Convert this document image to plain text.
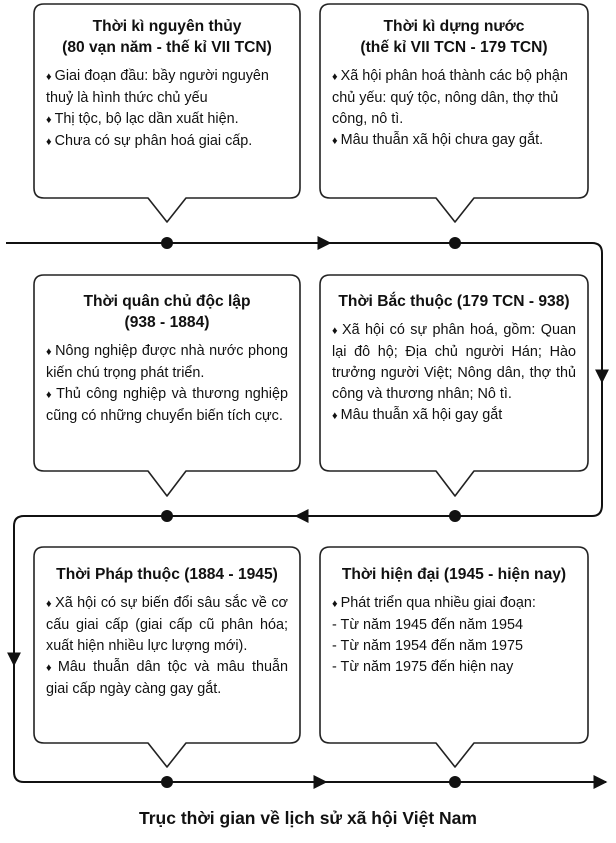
Thời kì nguyên thủy
(80 vạn năm - thế kỉ VII TCN)
♦ Giai đoạn đầu: bầy người nguyên thuỷ là hình thức chủ yếu
♦ Thị tộc, bộ lạc dần xuất hiện.
♦ Chưa có sự phân hoá giai cấp.
Thời kì dựng nước
(thế kỉ VII TCN - 179 TCN)
♦ Xã hội phân hoá thành các bộ phận chủ yếu: quý tộc, nông dân, thợ thủ công, nô tì.
♦ Mâu thuẫn xã hội chưa gay gắt.
Thời quân chủ độc lập
(938 - 1884)
♦ Nông nghiệp được nhà nước phong kiến chú trọng phát triển.
♦ Thủ công nghiệp và thương nghiệp cũng có những chuyển biến tích cực.
Thời Bắc thuộc (179 TCN - 938)
♦ Xã hội có sự phân hoá, gồm: Quan lại đô hộ; Địa chủ người Hán; Hào trưởng người Việt; Nông dân, thợ thủ công và thương nhân; Nô tì.
♦ Mâu thuẫn xã hội gay gắt
Thời Pháp thuộc (1884 - 1945)
♦ Xã hội có sự biến đổi sâu sắc về cơ cấu giai cấp (giai cấp cũ phân hóa; xuất hiện nhiều lực lượng mới).
♦ Mâu thuẫn dân tộc và mâu thuẫn giai cấp ngày càng gay gắt.
Thời hiện đại (1945 - hiện nay)
♦ Phát triển qua nhiều giai đoạn:
- Từ năm 1945 đến năm 1954
- Từ năm 1954 đến năm 1975
- Từ năm 1975 đến hiện nay
Trục thời gian về lịch sử xã hội Việt Nam
